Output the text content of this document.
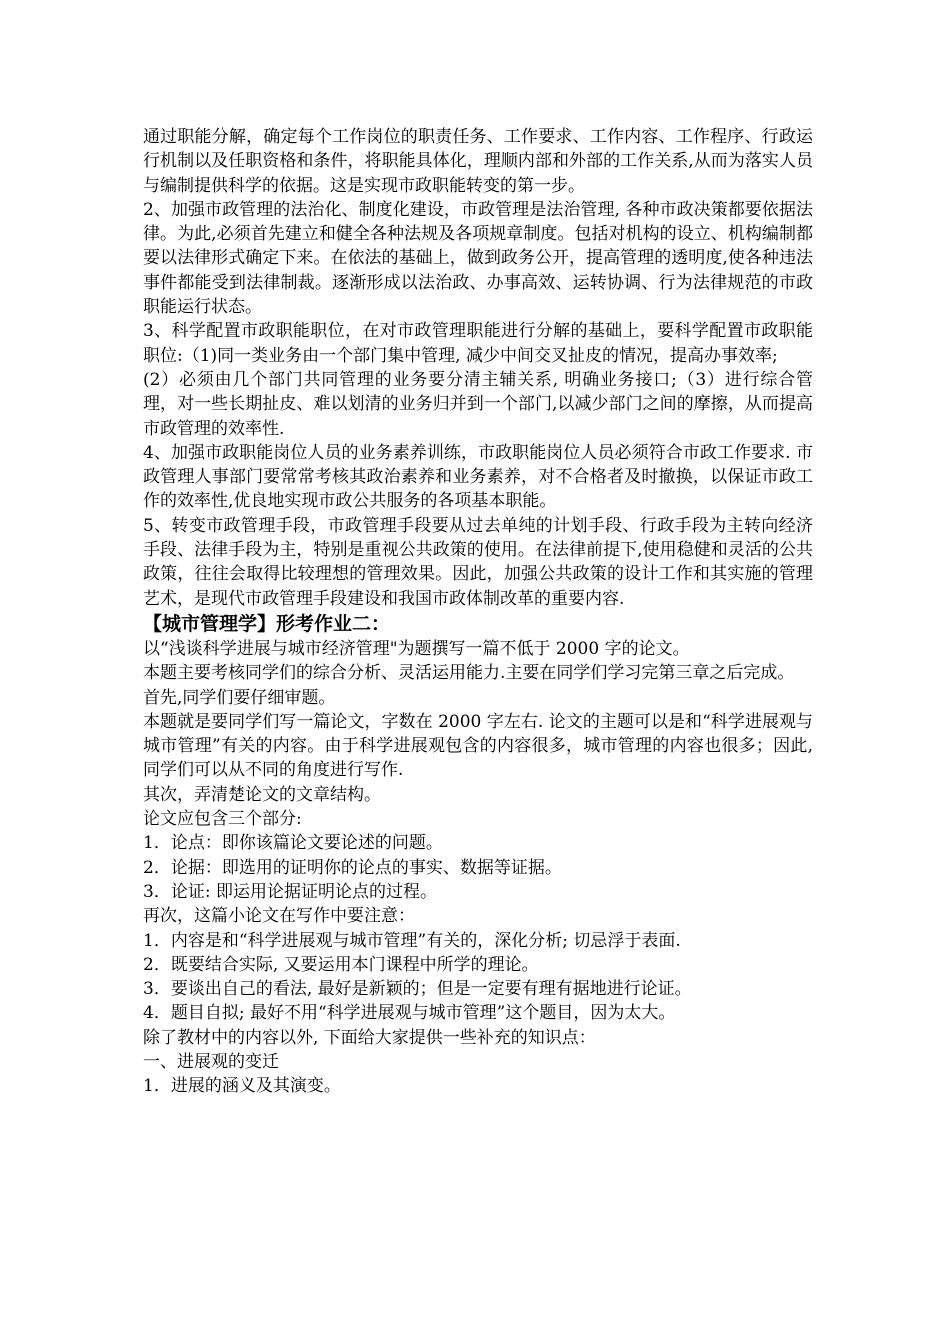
通过职能分解，确定每个工作岗位的职责任务、工作要求、工作内容、工作程序、行政运行机制以及任职资格和条件，将职能具体化，理顺内部和外部的工作关系,从而为落实人员与编制提供科学的依据。这是实现市政职能转变的第一步。

2、加强市政管理的法治化、制度化建设，市政管理是法治管理, 各种市政决策都要依据法律。为此,必须首先建立和健全各种法规及各项规章制度。包括对机构的设立、机构编制都要以法律形式确定下来。在依法的基础上，做到政务公开，提高管理的透明度,使各种违法事件都能受到法律制裁。逐渐形成以法治政、办事高效、运转协调、行为法律规范的市政职能运行状态。

3、科学配置市政职能职位，在对市政管理职能进行分解的基础上，要科学配置市政职能职位:（1)同一类业务由一个部门集中管理, 减少中间交叉扯皮的情况，提高办事效率;

(2）必须由几个部门共同管理的业务要分清主辅关系, 明确业务接口;（3）进行综合管理，对一些长期扯皮、难以划清的业务归并到一个部门,以减少部门之间的摩擦，从而提高市政管理的效率性.

4、加强市政职能岗位人员的业务素养训练，市政职能岗位人员必须符合市政工作要求. 市政管理人事部门要常常考核其政治素养和业务素养，对不合格者及时撤换，以保证市政工作的效率性,优良地实现市政公共服务的各项基本职能。

5、转变市政管理手段，市政管理手段要从过去单纯的计划手段、行政手段为主转向经济手段、法律手段为主，特别是重视公共政策的使用。在法律前提下,使用稳健和灵活的公共政策，往往会取得比较理想的管理效果。因此，加强公共政策的设计工作和其实施的管理艺术，是现代市政管理手段建设和我国市政体制改革的重要内容.

【城市管理学】形考作业二：

以“浅谈科学进展与城市经济管理"为题撰写一篇不低于 2000 字的论文。

本题主要考核同学们的综合分析、灵活运用能力.主要在同学们学习完第三章之后完成。

首先,同学们要仔细审题。

本题就是要同学们写一篇论文，字数在 2000 字左右. 论文的主题可以是和“科学进展观与城市管理”有关的内容。由于科学进展观包含的内容很多，城市管理的内容也很多；因此,同学们可以从不同的角度进行写作.

其次，弄清楚论文的文章结构。

论文应包含三个部分:

1．论点：即你该篇论文要论述的问题。

2．论据：即选用的证明你的论点的事实、数据等证据。

3．论证: 即运用论据证明论点的过程。

再次，这篇小论文在写作中要注意：

1．内容是和“科学进展观与城市管理”有关的，深化分析; 切忌浮于表面.

2．既要结合实际, 又要运用本门课程中所学的理论。

3．要谈出自己的看法, 最好是新颖的；但是一定要有理有据地进行论证。

4．题目自拟; 最好不用“科学进展观与城市管理”这个题目，因为太大。

除了教材中的内容以外, 下面给大家提供一些补充的知识点：

一、进展观的变迁

1．进展的涵义及其演变。
